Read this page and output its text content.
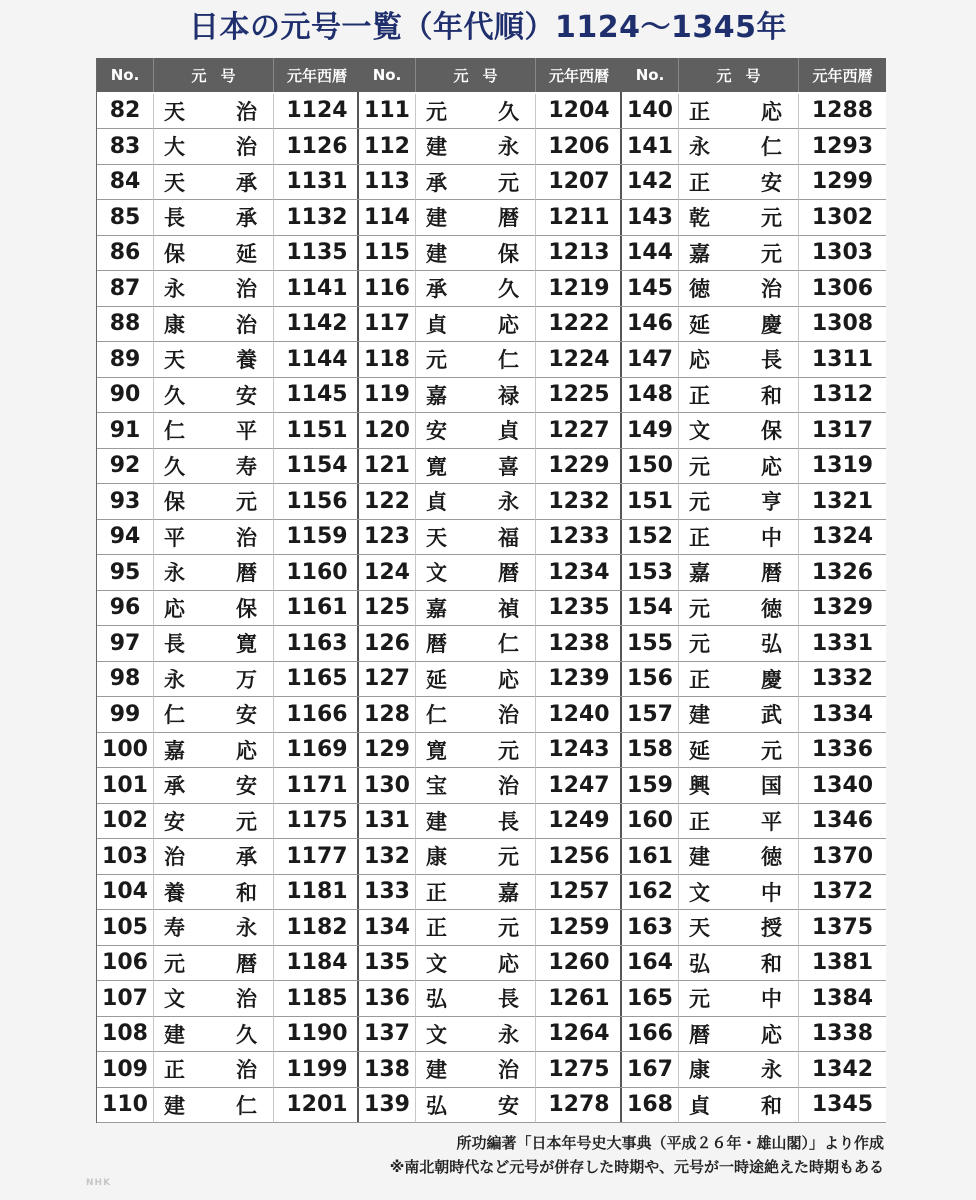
日本の元号一覧（年代順）1124〜1345年
No.	元 号	元年西暦
82	天 治	1124
83	大 治	1126
84	天 承	1131
85	長 承	1132
86	保 延	1135
87	永 治	1141
88	康 治	1142
89	天 養	1144
90	久 安	1145
91	仁 平	1151
92	久 寿	1154
93	保 元	1156
94	平 治	1159
95	永 暦	1160
96	応 保	1161
97	長 寛	1163
98	永 万	1165
99	仁 安	1166
100 嘉 応	1169
101 承 安	1171
102 安 元	1175
103 治 承	1177
104 養 和	1181
105 寿 永	1182
106 元 暦	1184
107 文 治	1185
108 建 久	1190
109 正 治	1199
110 建 仁	1201
No.	元 号	元年西暦
111 元 久	1204
112 建 永	1206
113 承 元	1207
114 建 暦	1211
115 建 保	1213
116 承 久	1219
117 貞 応	1222
118 元 仁	1224
119 嘉 禄	1225
120 安 貞	1227
121 寛 喜	1229
122 貞 永	1232
123 天 福	1233
124 文 暦	1234
125 嘉 禎	1235
126 暦 仁	1238
127 延 応	1239
128 仁 治	1240
129 寛 元	1243
130 宝 治	1247
131 建 長	1249
132 康 元	1256
133 正 嘉	1257
134 正 元	1259
135 文 応	1260
136 弘 長	1261
137 文 永	1264
138 建 治	1275
139 弘 安	1278
No.	元 号	元年西暦
140 正 応	1288
141 永 仁	1293
142 正 安	1299
143 乾 元	1302
144 嘉 元	1303
145 徳 治	1306
146 延 慶	1308
147 応 長	1311
148 正 和	1312
149 文 保	1317
150 元 応	1319
151 元 亨	1321
152 正 中	1324
153 嘉 暦	1326
154 元 徳	1329
155 元 弘	1331
156 正 慶	1332
157 建 武	1334
158 延 元	1336
159 興 国	1340
160 正 平	1346
161 建 徳	1370
162 文 中	1372
163 天 授	1375
164 弘 和	1381
165 元 中	1384
166 暦 応	1338
167 康 永	1342
168 貞 和	1345
所功編著「日本年号史大事典（平成２６年・雄山閣）」より作成
※南北朝時代など元号が併存した時期や、元号が一時途絶えた時期もある
NHK
